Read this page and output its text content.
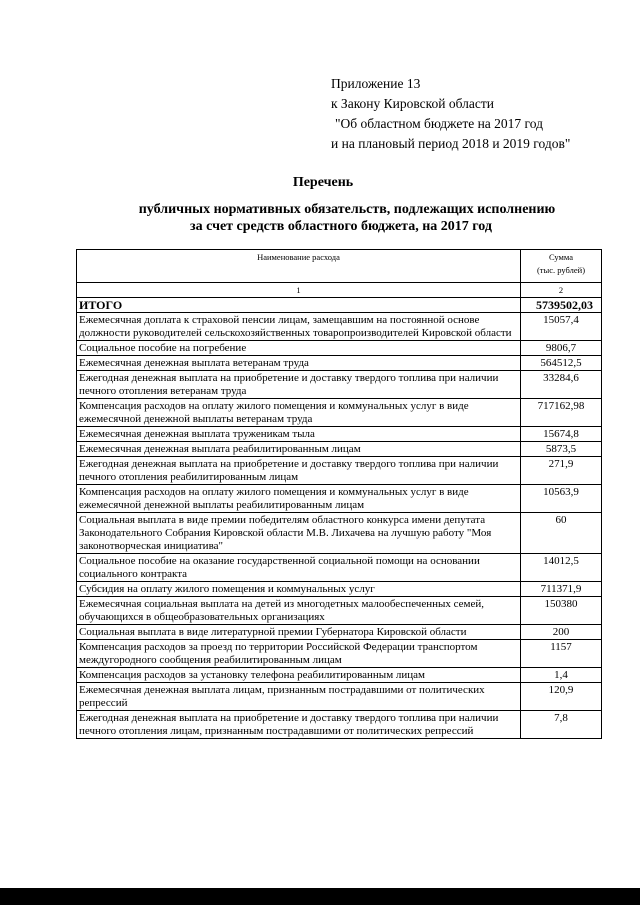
Приложение 13
к Закону Кировской области
"Об областном бюджете на 2017 год
и на плановый период 2018 и 2019 годов"
Перечень
публичных нормативных обязательств, подлежащих исполнению
за счет средств областного бюджета, на 2017 год
Наименование расхода	Сумма
(тыс. рублей)

1	2
ИТОГО	5739502,03
Ежемесячная доплата к страховой пенсии лицам, замещавшим на постоянной основе должности руководителей сельскохозяйственных товаропроизводителей Кировской области	15057,4
Социальное пособие на погребение	9806,7
Ежемесячная денежная выплата ветеранам труда	564512,5
Ежегодная денежная выплата на приобретение и доставку твердого топлива при наличии печного отопления ветеранам труда	33284,6
Компенсация расходов на оплату жилого помещения и коммунальных услуг в виде ежемесячной денежной выплаты ветеранам труда	717162,98
Ежемесячная денежная выплата труженикам тыла	15674,8
Ежемесячная денежная выплата реабилитированным лицам	5873,5
Ежегодная денежная выплата на приобретение и доставку твердого топлива при наличии печного отопления реабилитированным лицам	271,9
Компенсация расходов на оплату жилого помещения и коммунальных услуг в виде ежемесячной денежной выплаты реабилитированным лицам	10563,9
Социальная выплата в виде премии победителям областного конкурса имени депутата Законодательного Собрания Кировской области М.В. Лихачева на лучшую работу "Моя законотворческая инициатива"	60
Социальное пособие на оказание государственной социальной помощи на основании социального контракта	14012,5
Субсидия на оплату жилого помещения и коммунальных услуг	711371,9
Ежемесячная социальная выплата на детей из многодетных малообеспеченных семей, обучающихся в общеобразовательных организациях	150380
Социальная выплата в виде литературной премии Губернатора Кировской области	200
Компенсация расходов за проезд по территории Российской Федерации транспортом междугородного сообщения реабилитированным лицам	1157
Компенсация расходов за установку телефона реабилитированным лицам	1,4
Ежемесячная денежная выплата лицам, признанным пострадавшими от политических репрессий	120,9
Ежегодная денежная выплата на приобретение и доставку твердого топлива при наличии печного отопления лицам, признанным пострадавшими от политических репрессий	7,8
